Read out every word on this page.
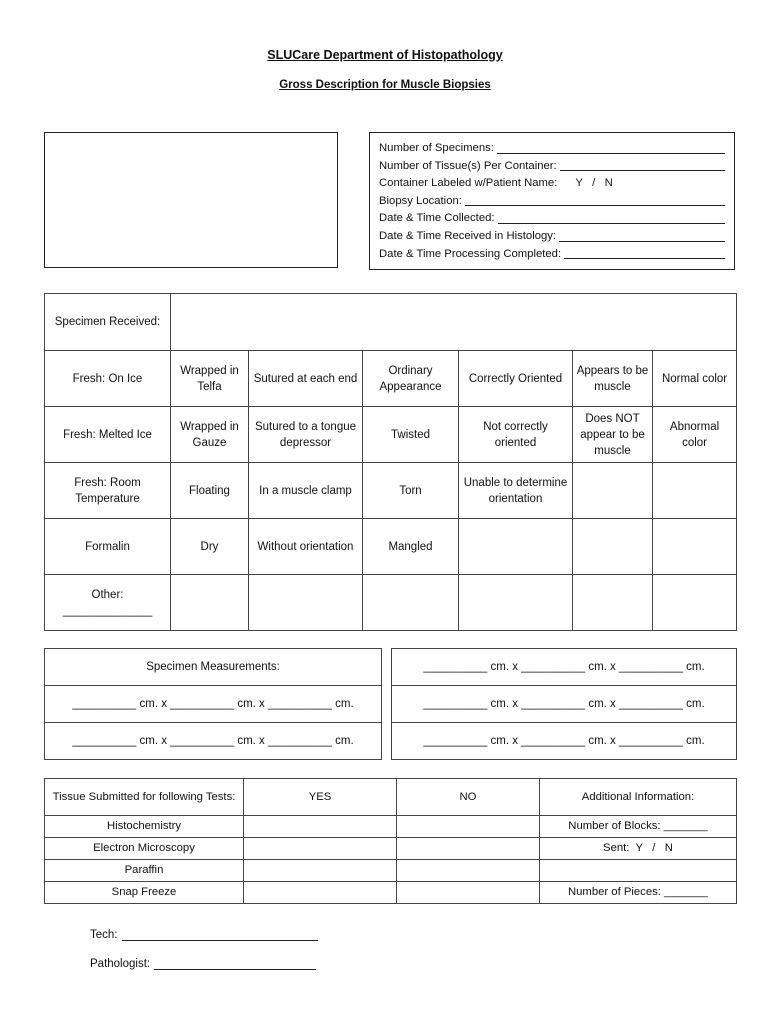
SLUCare Department of Histopathology
Gross Description for Muscle Biopsies
Number of Specimens:
Number of Tissue(s) Per Container:
Container Labeled w/Patient Name: Y   /   N
Biopsy Location:
Date & Time Collected:
Date & Time Received in Histology:
Date & Time Processing Completed:
Specimen Received:						
Fresh: On Ice	Wrapped in Telfa	Sutured at each end	Ordinary Appearance	Correctly Oriented	Appears to be muscle	Normal color
Fresh: Melted Ice	Wrapped in Gauze	Sutured to a tongue depressor	Twisted	Not correctly oriented	Does NOT appear to be muscle	Abnormal color
Fresh: Room Temperature	Floating	In a muscle clamp	Torn	Unable to determine orientation		
Formalin	Dry	Without orientation	Mangled			
Other: ______________						
Specimen Measurements:		__________ cm. x __________ cm. x __________ cm.
__________ cm. x __________ cm. x __________ cm.		__________ cm. x __________ cm. x __________ cm.
__________ cm. x __________ cm. x __________ cm.		__________ cm. x __________ cm. x __________ cm.
Tissue Submitted for following Tests:	YES	NO	Additional Information:
Histochemistry			Number of Blocks: _______
Electron Microscopy			Sent:  Y   /   N
Paraffin			
Snap Freeze			Number of Pieces: _______
Tech:
Pathologist:
